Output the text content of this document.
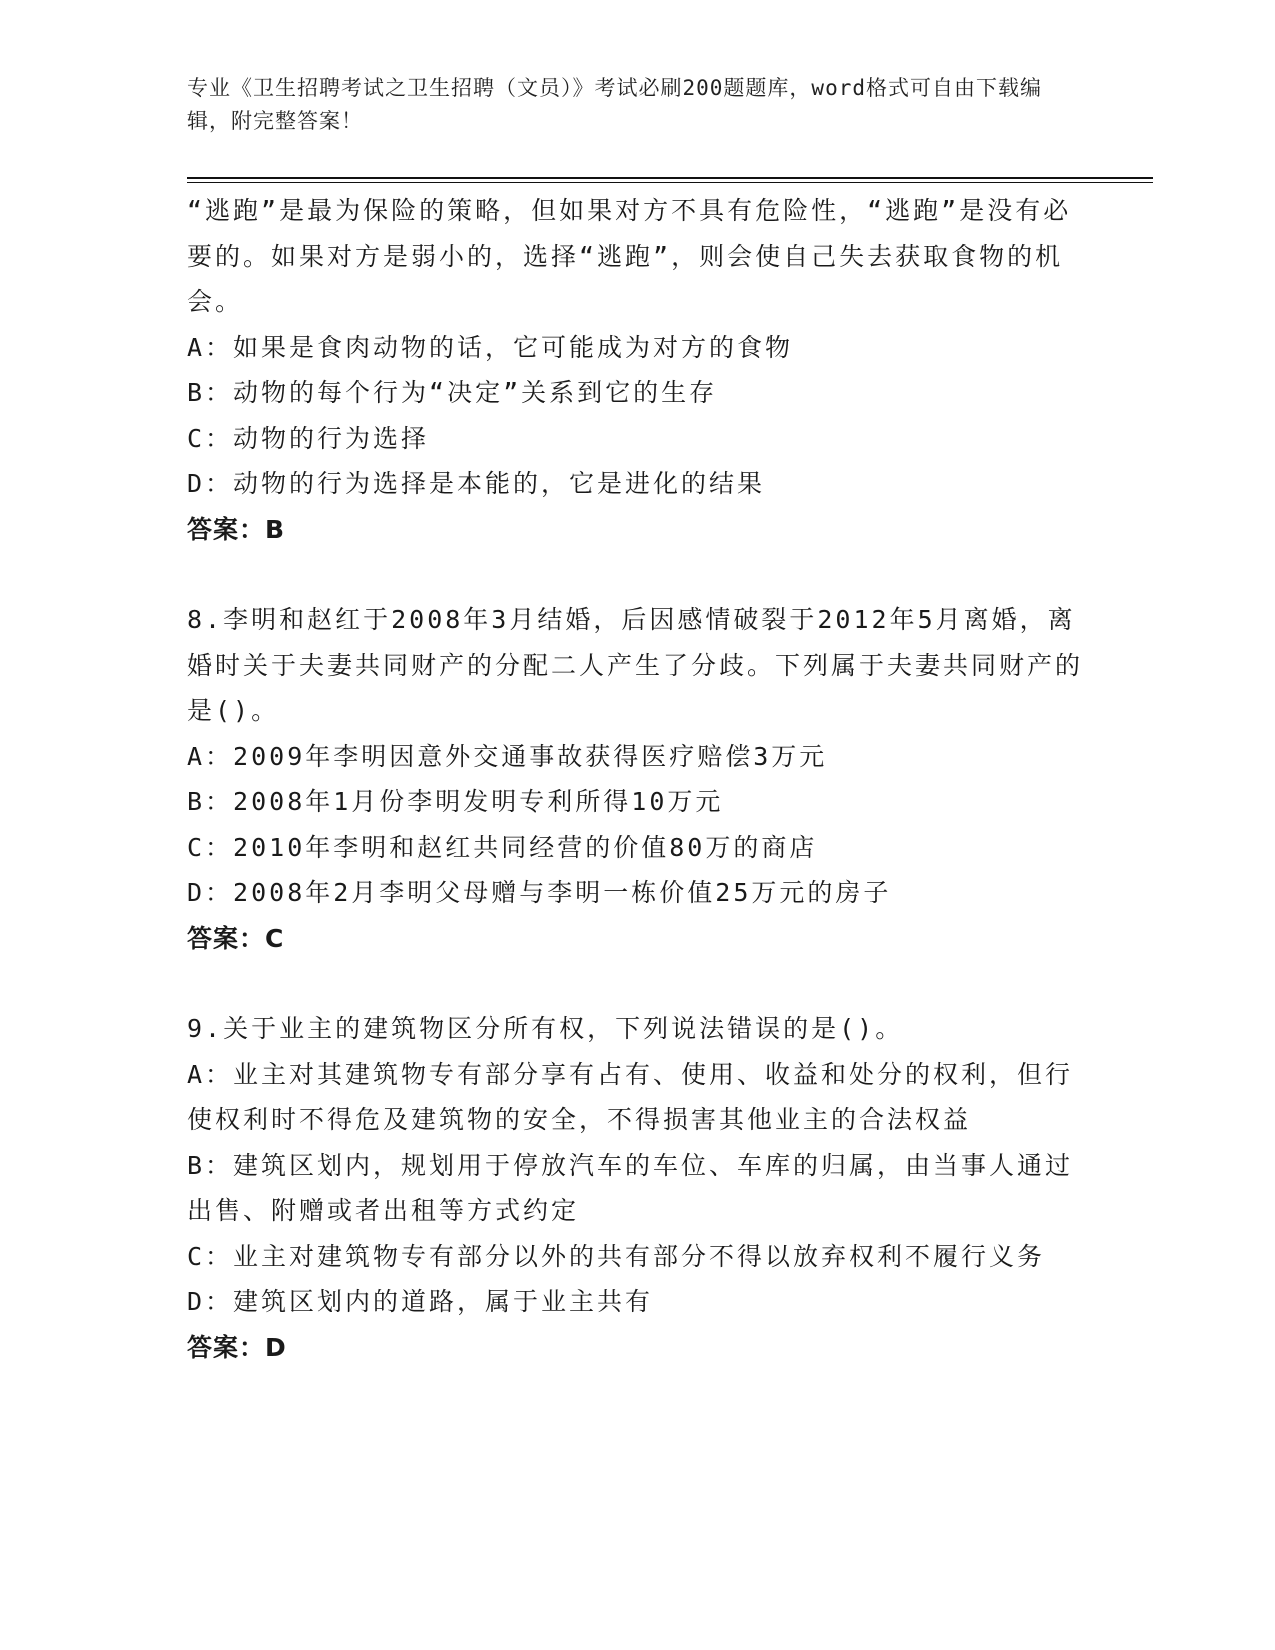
专业《卫生招聘考试之卫生招聘（文员）》考试必刷200题题库，word格式可自由下载编辑，附完整答案！

“逃跑”是最为保险的策略，但如果对方不具有危险性，“逃跑”是没有必要的。如果对方是弱小的，选择“逃跑”，则会使自己失去获取食物的机会。

A：如果是食肉动物的话，它可能成为对方的食物

B：动物的每个行为“决定”关系到它的生存

C：动物的行为选择

D：动物的行为选择是本能的，它是进化的结果

答案：B

8.李明和赵红于2008年3月结婚，后因感情破裂于2012年5月离婚，离婚时关于夫妻共同财产的分配二人产生了分歧。下列属于夫妻共同财产的是()。

A：2009年李明因意外交通事故获得医疗赔偿3万元

B：2008年1月份李明发明专利所得10万元

C：2010年李明和赵红共同经营的价值80万的商店

D：2008年2月李明父母赠与李明一栋价值25万元的房子

答案：C

9.关于业主的建筑物区分所有权，下列说法错误的是()。

A：业主对其建筑物专有部分享有占有、使用、收益和处分的权利，但行使权利时不得危及建筑物的安全，不得损害其他业主的合法权益

B：建筑区划内，规划用于停放汽车的车位、车库的归属，由当事人通过出售、附赠或者出租等方式约定

C：业主对建筑物专有部分以外的共有部分不得以放弃权利不履行义务

D：建筑区划内的道路，属于业主共有

答案：D
